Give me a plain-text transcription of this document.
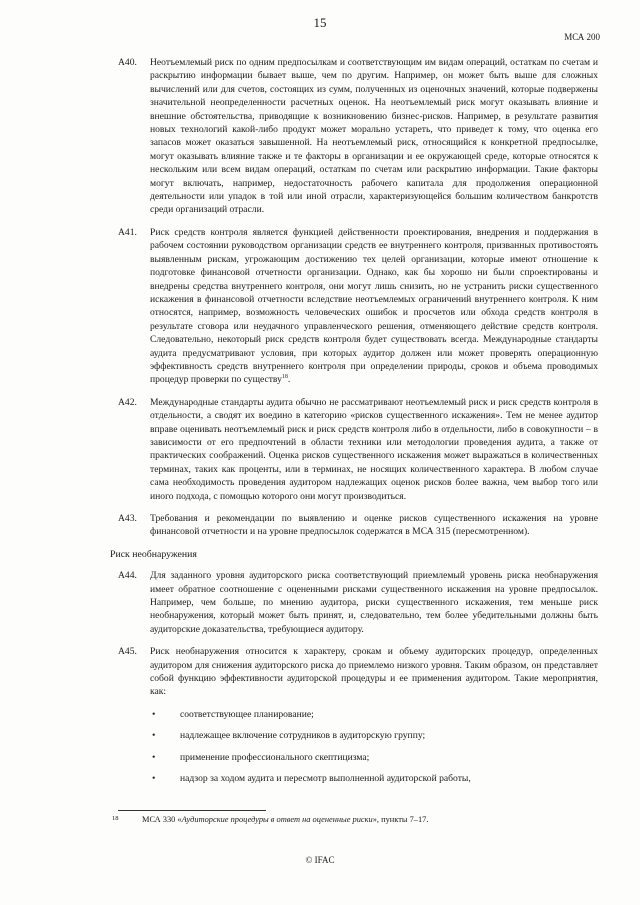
15
МСА 200
A40.	Неотъемлемый риск по одним предпосылкам и соответствующим им видам операций, остаткам по счетам и раскрытию информации бывает выше, чем по другим. Например, он может быть выше для сложных вычислений или для счетов, состоящих из сумм, полученных из оценочных значений, которые подвержены значительной неопределенности расчетных оценок. На неотъемлемый риск могут оказывать влияние и внешние обстоятельства, приводящие к возникновению бизнес-рисков. Например, в результате развития новых технологий какой-либо продукт может морально устареть, что приведет к тому, что оценка его запасов может оказаться завышенной. На неотъемлемый риск, относящийся к конкретной предпосылке, могут оказывать влияние также и те факторы в организации и ее окружающей среде, которые относятся к нескольким или всем видам операций, остаткам по счетам или раскрытию информации. Такие факторы могут включать, например, недостаточность рабочего капитала для продолжения операционной деятельности или упадок в той или иной отрасли, характеризующейся большим количеством банкротств среди организаций отрасли.
A41.	Риск средств контроля является функцией действенности проектирования, внедрения и поддержания в рабочем состоянии руководством организации средств ее внутреннего контроля, призванных противостоять выявленным рискам, угрожающим достижению тех целей организации, которые имеют отношение к подготовке финансовой отчетности организации. Однако, как бы хорошо ни были спроектированы и внедрены средства внутреннего контроля, они могут лишь снизить, но не устранить риски существенного искажения в финансовой отчетности вследствие неотъемлемых ограничений внутреннего контроля. К ним относятся, например, возможность человеческих ошибок и просчетов или обхода средств контроля в результате сговора или неудачного управленческого решения, отменяющего действие средств контроля. Следовательно, некоторый риск средств контроля будет существовать всегда. Международные стандарты аудита предусматривают условия, при которых аудитор должен или может проверять операционную эффективность средств внутреннего контроля при определении природы, сроков и объема проводимых процедур проверки по существу$^{18}$.
A42.	Международные стандарты аудита обычно не рассматривают неотъемлемый риск и риск средств контроля в отдельности, а сводят их воедино в категорию «рисков существенного искажения». Тем не менее аудитор вправе оценивать неотъемлемый риск и риск средств контроля либо в отдельности, либо в совокупности – в зависимости от его предпочтений в области техники или методологии проведения аудита, а также от практических соображений. Оценка рисков существенного искажения может выражаться в количественных терминах, таких как проценты, или в терминах, не носящих количественного характера. В любом случае сама необходимость проведения аудитором надлежащих оценок рисков более важна, чем выбор того или иного подхода, с помощью которого они могут производиться.
A43.	Требования и рекомендации по выявлению и оценке рисков существенного искажения на уровне финансовой отчетности и на уровне предпосылок содержатся в МСА 315 (пересмотренном).
Риск необнаружения
A44.	Для заданного уровня аудиторского риска соответствующий приемлемый уровень риска необнаружения имеет обратное соотношение с оцененными рисками существенного искажения на уровне предпосылок. Например, чем больше, по мнению аудитора, риски существенного искажения, тем меньше риск необнаружения, который может быть принят, и, следовательно, тем более убедительными должны быть аудиторские доказательства, требующиеся аудитору.
A45.	Риск необнаружения относится к характеру, срокам и объему аудиторских процедур, определенных аудитором для снижения аудиторского риска до приемлемо низкого уровня. Таким образом, он представляет собой функцию эффективности аудиторской процедуры и ее применения аудитором. Такие мероприятия, как:
•	соответствующее планирование;
•	надлежащее включение сотрудников в аудиторскую группу;
•	применение профессионального скептицизма;
•	надзор за ходом аудита и пересмотр выполненной аудиторской работы,
18	МСА 330 «Аудиторские процедуры в ответ на оцененные риски», пункты 7–17.
© IFAC
